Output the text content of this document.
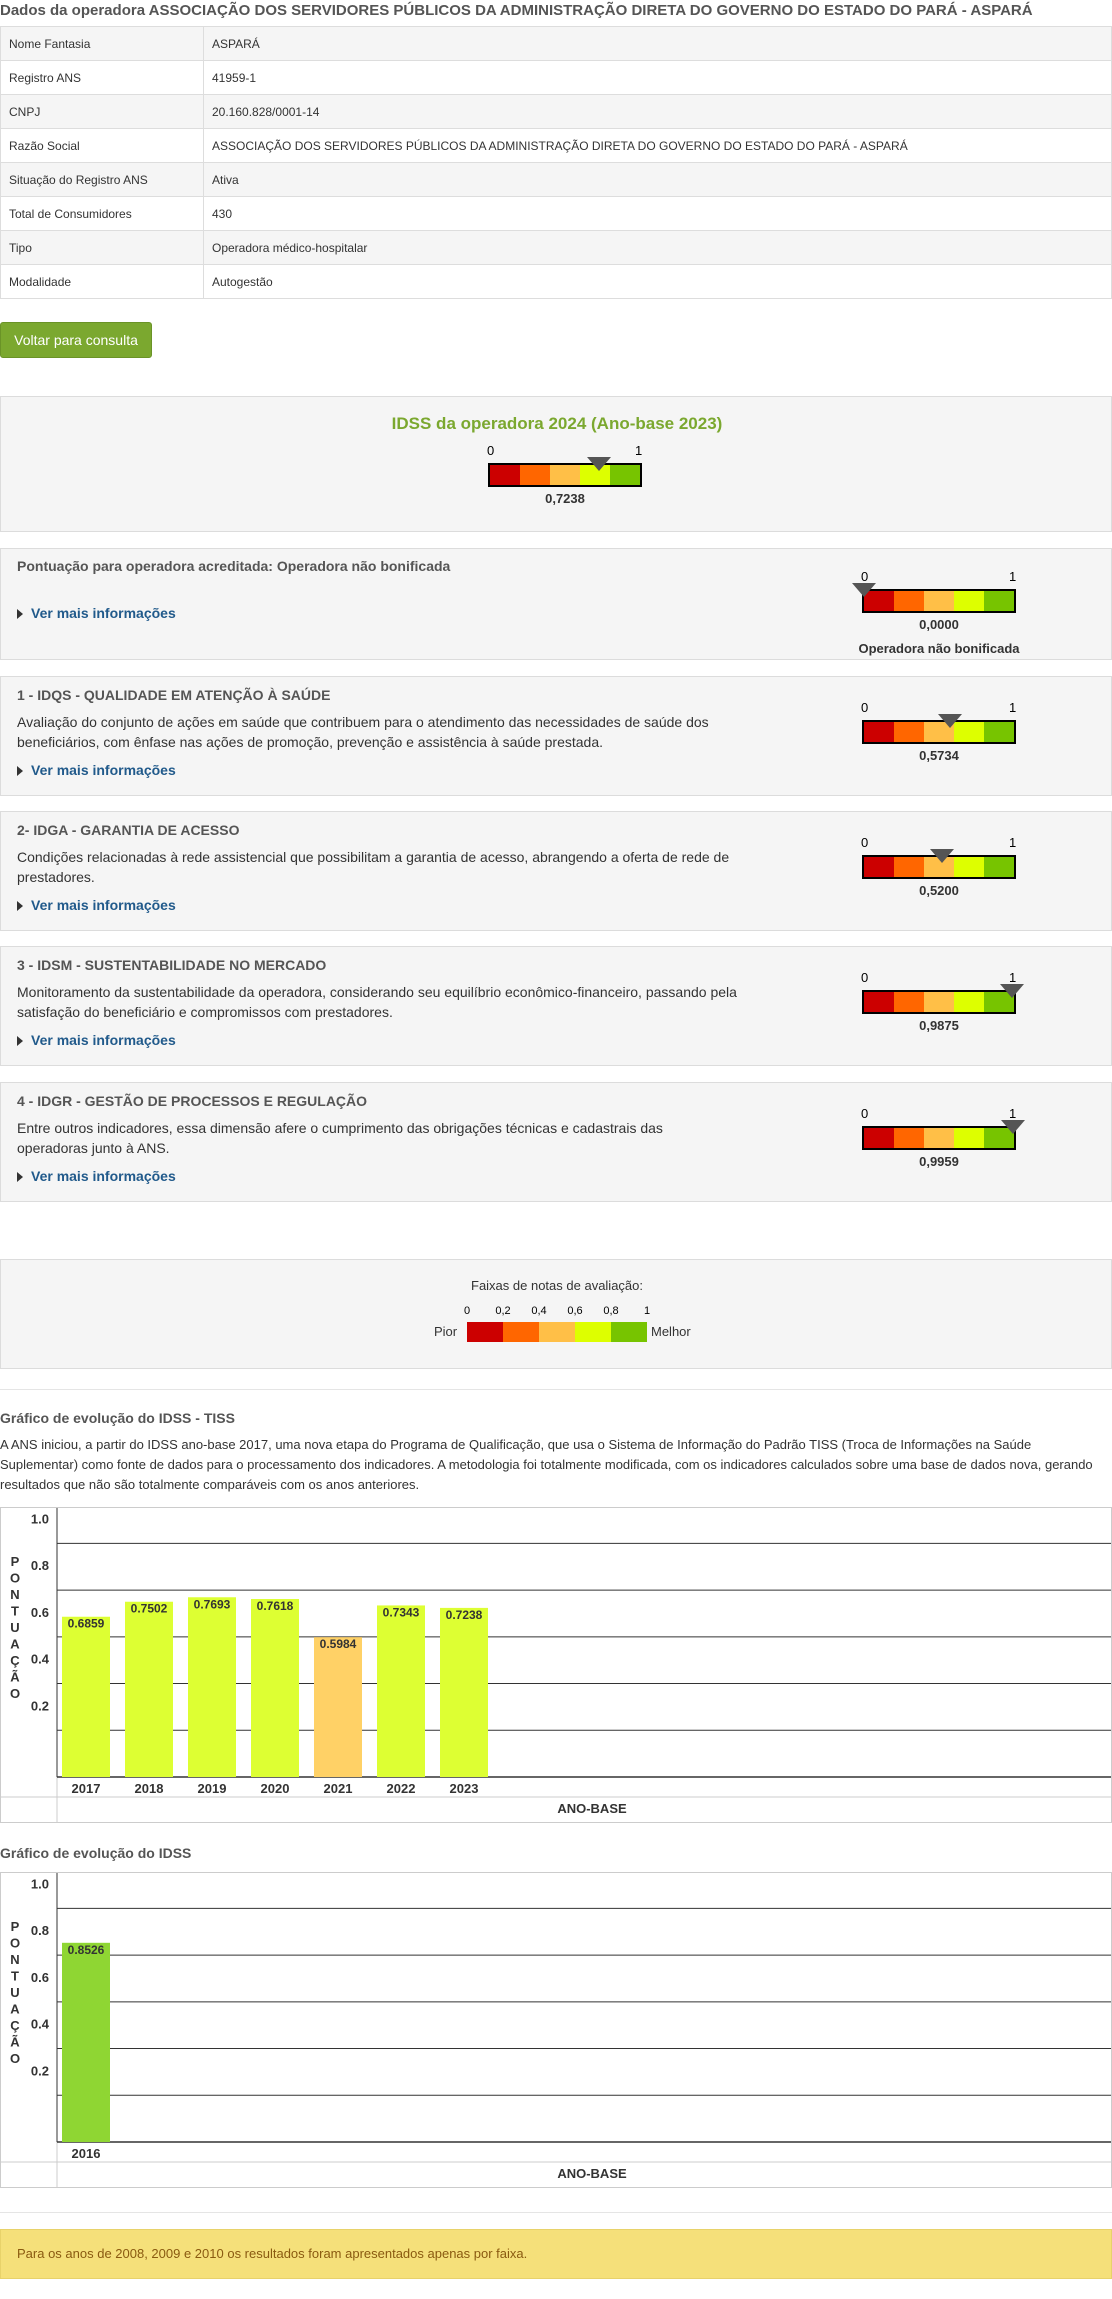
Dados da operadora ASSOCIAÇÃO DOS SERVIDORES PÚBLICOS DA ADMINISTRAÇÃO DIRETA DO GOVERNO DO ESTADO DO PARÁ - ASPARÁ
Nome Fantasia	ASPARÁ
Registro ANS	41959-1
CNPJ	20.160.828/0001-14
Razão Social	ASSOCIAÇÃO DOS SERVIDORES PÚBLICOS DA ADMINISTRAÇÃO DIRETA DO GOVERNO DO ESTADO DO PARÁ - ASPARÁ
Situação do Registro ANS	Ativa
Total de Consumidores	430
Tipo	Operadora médico-hospitalar
Modalidade	Autogestão
Voltar para consulta
IDSS da operadora 2024 (Ano-base 2023)
0	1
0,7238
Pontuação para operadora acreditada: Operadora não bonificada
Ver mais informações
0	1
0,0000
Operadora não bonificada
1 - IDQS - QUALIDADE EM ATENÇÃO À SAÚDE
Avaliação do conjunto de ações em saúde que contribuem para o atendimento das necessidades de saúde dos beneficiários, com ênfase nas ações de promoção, prevenção e assistência à saúde prestada.
Ver mais informações
0	1
0,5734
2- IDGA - GARANTIA DE ACESSO
Condições relacionadas à rede assistencial que possibilitam a garantia de acesso, abrangendo a oferta de rede de prestadores.
Ver mais informações
0	1
0,5200
3 - IDSM - SUSTENTABILIDADE NO MERCADO
Monitoramento da sustentabilidade da operadora, considerando seu equilíbrio econômico-financeiro, passando pela satisfação do beneficiário e compromissos com prestadores.
Ver mais informações
0	1
0,9875
4 - IDGR - GESTÃO DE PROCESSOS E REGULAÇÃO
Entre outros indicadores, essa dimensão afere o cumprimento das obrigações técnicas e cadastrais das operadoras junto à ANS.
Ver mais informações
0	1
0,9959
Faixas de notas de avaliação:
0 0,2 0,4 0,6 0,8 1
Pior	Melhor
Gráfico de evolução do IDSS - TISS
A ANS iniciou, a partir do IDSS ano-base 2017, uma nova etapa do Programa de Qualificação, que usa o Sistema de Informação do Padrão TISS (Troca de Informações na Saúde Suplementar) como fonte de dados para o processamento dos indicadores. A metodologia foi totalmente modificada, com os indicadores calculados sobre uma base de dados nova, gerando resultados que não são totalmente comparáveis com os anos anteriores.
1.0
0.8
0.6
0.4
0.2
P
O
N
T
U
A
Ç
Ã
O
0.6859
2017
0.7502
2018
0.7693
2019
0.7618
2020
0.5984
2021
0.7343
2022
0.7238
2023
ANO-BASE
Gráfico de evolução do IDSS
1.0
0.8
0.6
0.4
0.2
P
O
N
T
U
A
Ç
Ã
O
0.8526
2016
ANO-BASE
Para os anos de 2008, 2009 e 2010 os resultados foram apresentados apenas por faixa.
